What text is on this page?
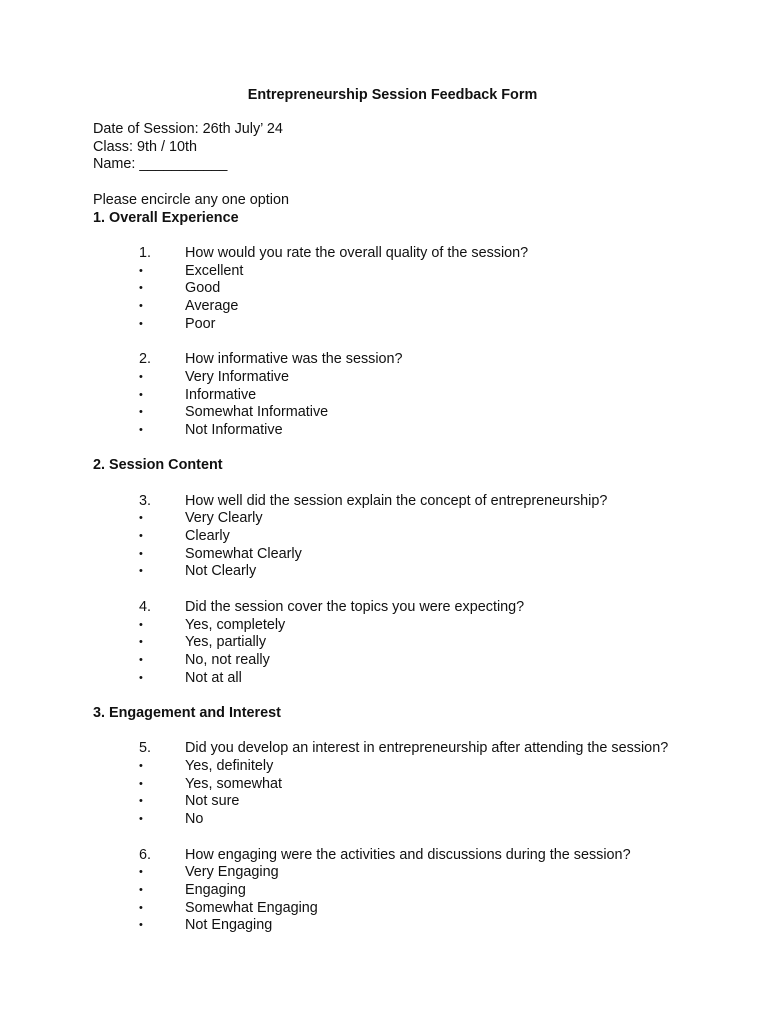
Entrepreneurship Session Feedback Form
Date of Session: 26th July’ 24
Class: 9th / 10th
Name: ___________
Please encircle any one option
1. Overall Experience
1. How would you rate the overall quality of the session?
•	Excellent
•	Good
•	Average
•	Poor
2. How informative was the session?
•	Very Informative
•	Informative
•	Somewhat Informative
•	Not Informative
2. Session Content
3. How well did the session explain the concept of entrepreneurship?
•	Very Clearly
•	Clearly
•	Somewhat Clearly
•	Not Clearly
4. Did the session cover the topics you were expecting?
•	Yes, completely
•	Yes, partially
•	No, not really
•	Not at all
3. Engagement and Interest
5. Did you develop an interest in entrepreneurship after attending the session?
•	Yes, definitely
•	Yes, somewhat
•	Not sure
•	No
6. How engaging were the activities and discussions during the session?
•	Very Engaging
•	Engaging
•	Somewhat Engaging
•	Not Engaging
